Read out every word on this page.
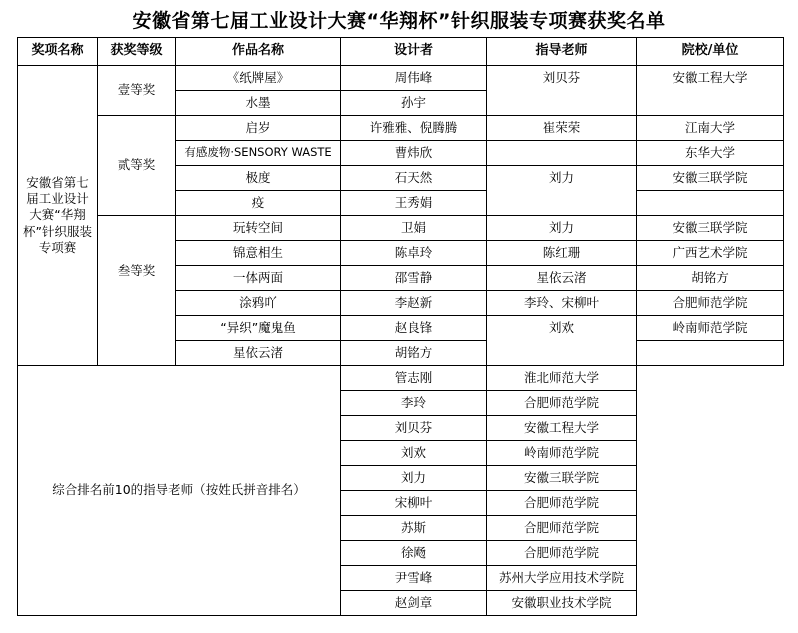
安徽省第七届工业设计大赛“华翔杯”针织服装专项赛获奖名单
奖项名称	获奖等级	作品名称	设计者	指导老师	院校/单位
安徽省第七届工业设计大赛“华翔杯”针织服装专项赛	壹等奖	《纸牌屋》	周伟峰	刘贝芬	安徽工程大学
		水墨	孙宇		
	贰等奖	启岁	许雅雅、倪腾腾	崔荣荣	江南大学
		有感废物·SENSORY WASTE	曹炜欣		东华大学
		极度	石天然	刘力	安徽三联学院
		疫	王秀娟		
	叁等奖	玩转空间	卫娟	刘力	安徽三联学院
		锦意相生	陈卓玲	陈红珊	广西艺术学院
		一体两面	邵雪静	星依云渚	胡铭方
		涂鸦吖	李赵新	李玲、宋柳叶	合肥师范学院
		“异织”魔鬼鱼	赵良锋	刘欢	岭南师范学院
		星依云渚	胡铭方		
综合排名前10的指导老师（按姓氏拼音排名）			管志刚	淮北师范大学	
			李玲	合肥师范学院	
			刘贝芬	安徽工程大学	
			刘欢	岭南师范学院	
			刘力	安徽三联学院	
			宋柳叶	合肥师范学院	
			苏斯	合肥师范学院	
			徐飏	合肥师范学院	
			尹雪峰	苏州大学应用技术学院	
			赵剑章	安徽职业技术学院	
